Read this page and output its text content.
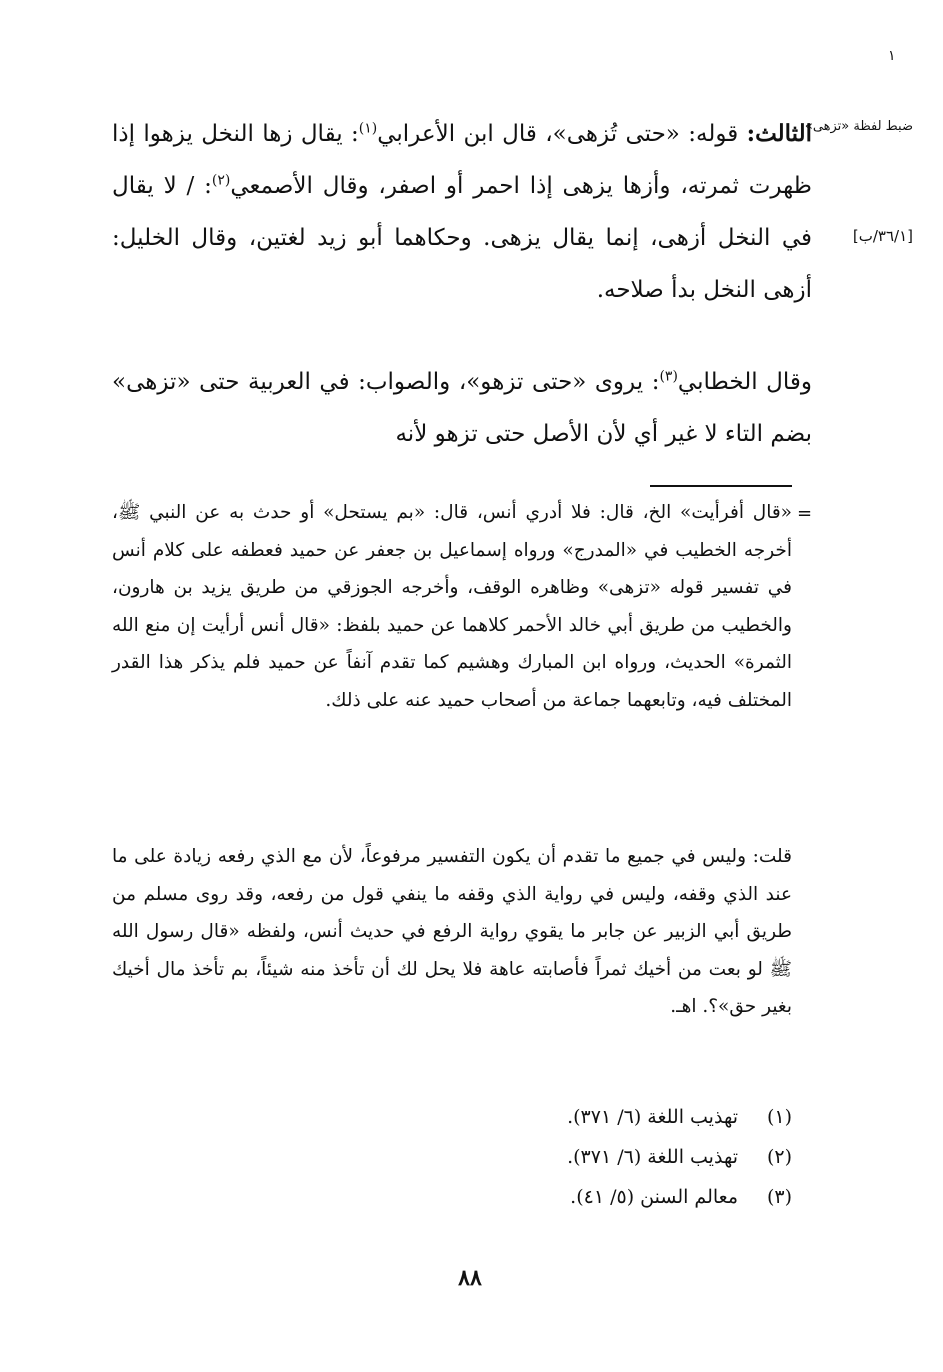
١
ضبط لفظة «تزهى»
[٣٦/١/ب]
الثالث: قوله: «حتى تُزهى»، قال ابن الأعرابي$^{(١)}$: يقال زها النخل يزهوا إذا ظهرت ثمرته، وأزها يزهى إذا احمر أو اصفر، وقال الأصمعي$^{(٢)}$: / لا يقال في النخل أزهى، إنما يقال يزهى. وحكاهما أبو زيد لغتين، وقال الخليل: أزهى النخل بدأ صلاحه.
وقال الخطابي$^{(٣)}$: يروى «حتى تزهو»، والصواب: في العربية حتى «تزهى» بضم التاء لا غير أي لأن الأصل حتى تزهو لأنه
=
«قال أفرأيت» الخ، قال: فلا أدري أنس، قال: «بم يستحل» أو حدث به عن النبي ﷺ، أخرجه الخطيب في «المدرج» ورواه إسماعيل بن جعفر عن حميد فعطفه على كلام أنس في تفسير قوله «تزهى» وظاهره الوقف، وأخرجه الجوزقي من طريق يزيد بن هارون، والخطيب من طريق أبي خالد الأحمر كلاهما عن حميد بلفظ: «قال أنس أرأيت إن منع الله الثمرة» الحديث، ورواه ابن المبارك وهشيم كما تقدم آنفاً عن حميد فلم يذكر هذا القدر المختلف فيه، وتابعهما جماعة من أصحاب حميد عنه على ذلك.
قلت: وليس في جميع ما تقدم أن يكون التفسير مرفوعاً، لأن مع الذي رفعه زيادة على ما عند الذي وقفه، وليس في رواية الذي وقفه ما ينفي قول من رفعه، وقد روى مسلم من طريق أبي الزبير عن جابر ما يقوي رواية الرفع في حديث أنس، ولفظه «قال رسول الله ﷺ لو بعت من أخيك ثمراً فأصابته عاهة فلا يحل لك أن تأخذ منه شيئاً، بم تأخذ مال أخيك بغير حق»؟. اهـ.
(١)تهذيب اللغة (٦/ ٣٧١).
(٢)تهذيب اللغة (٦/ ٣٧١).
(٣)معالم السنن (٥/ ٤١).
٨٨
